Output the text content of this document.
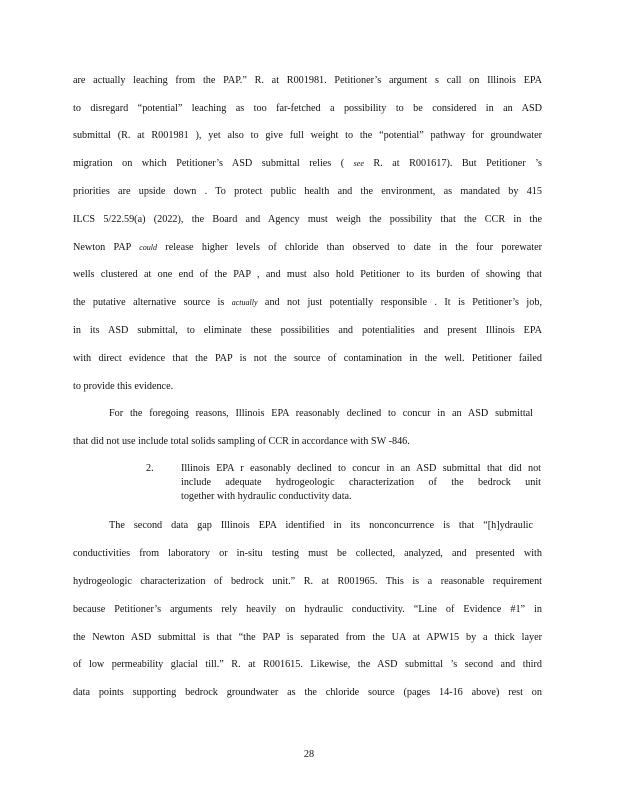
are actually leaching from the PAP.” R. at R001981. Petitioner’s argument s call on Illinois EPA
to disregard “potential” leaching as too far-fetched a possibility to be considered in an ASD
submittal (R. at R001981 ), yet also to give full weight to the “potential” pathway for groundwater
migration on which Petitioner’s ASD submittal relies ( see R. at R001617). But Petitioner ’s
priorities are upside down . To protect public health and the environment, as mandated by 415
ILCS 5/22.59(a) (2022), the Board and Agency must weigh the possibility that the CCR in the
Newton PAP could release higher levels of chloride than observed to date in the four porewater
wells clustered at one end of the PAP , and must also hold Petitioner to its burden of showing that
the putative alternative source is actually and not just potentially responsible . It is Petitioner’s job,
in its ASD submittal, to eliminate these possibilities and potentialities and present Illinois EPA
with direct evidence that the PAP is not the source of contamination in the well. Petitioner failed
to provide this evidence.
For the foregoing reasons, Illinois EPA reasonably declined to concur in an ASD submittal
that did not use include total solids sampling of CCR in accordance with SW -846.
2.	Illinois EPA r easonably declined to concur in an ASD submittal that did not
include adequate hydrogeologic characterization of the bedrock unit
together with hydraulic conductivity data.
The second data gap Illinois EPA identified in its nonconcurrence is that “[h]ydraulic
conductivities from laboratory or in-situ testing must be collected, analyzed, and presented with
hydrogeologic characterization of bedrock unit.” R. at R001965. This is a reasonable requirement
because Petitioner’s arguments rely heavily on hydraulic conductivity. “Line of Evidence #1” in
the Newton ASD submittal is that “the PAP is separated from the UA at APW15 by a thick layer
of low permeability glacial till.” R. at R001615. Likewise, the ASD submittal ’s second and third
data points supporting bedrock groundwater as the chloride source (pages 14-16 above) rest on
28
